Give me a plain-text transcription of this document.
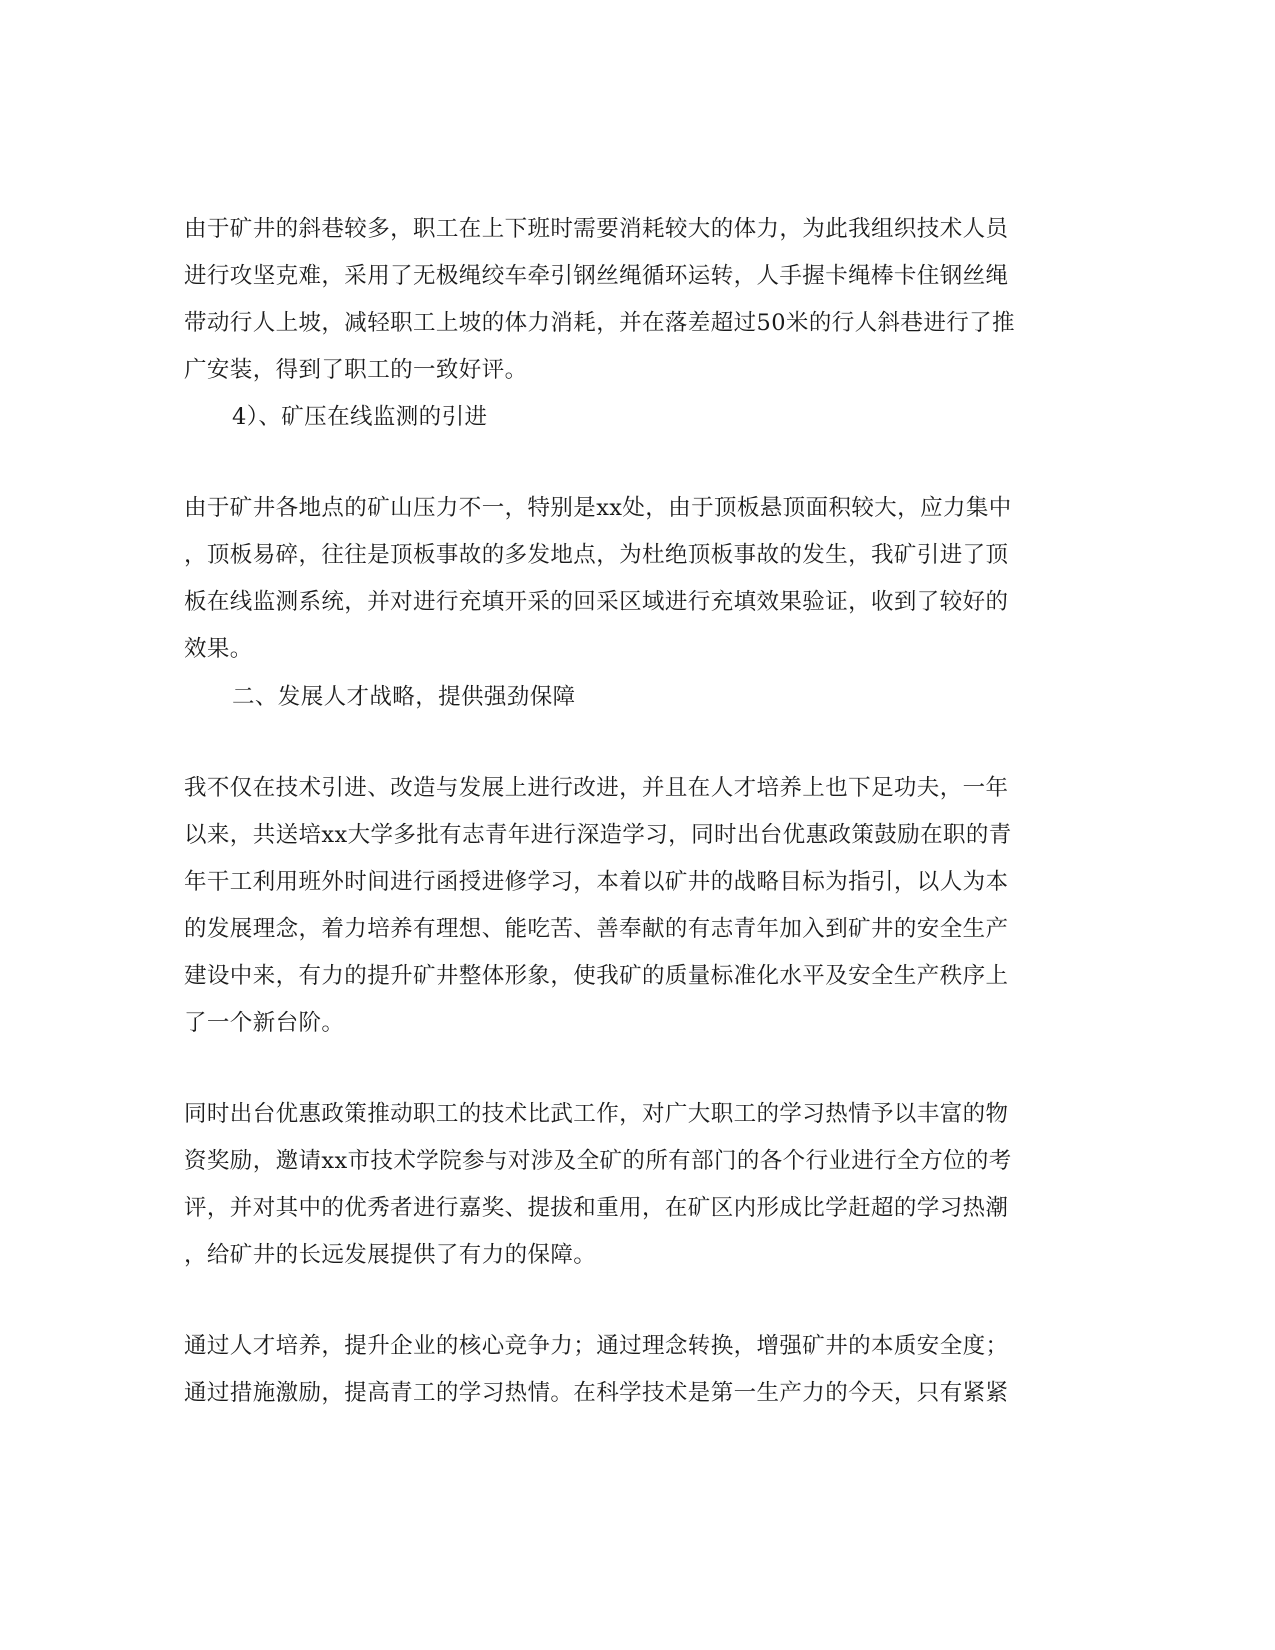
由于矿井的斜巷较多，职工在上下班时需要消耗较大的体力，为此我组织技术人员
进行攻坚克难，采用了无极绳绞车牵引钢丝绳循环运转，人手握卡绳棒卡住钢丝绳
带动行人上坡，减轻职工上坡的体力消耗，并在落差超过50米的行人斜巷进行了推
广安装，得到了职工的一致好评。
4）、矿压在线监测的引进
由于矿井各地点的矿山压力不一，特别是xx处，由于顶板悬顶面积较大，应力集中
，顶板易碎，往往是顶板事故的多发地点，为杜绝顶板事故的发生，我矿引进了顶
板在线监测系统，并对进行充填开采的回采区域进行充填效果验证，收到了较好的
效果。
二、发展人才战略，提供强劲保障
我不仅在技术引进、改造与发展上进行改进，并且在人才培养上也下足功夫，一年
以来，共送培xx大学多批有志青年进行深造学习，同时出台优惠政策鼓励在职的青
年干工利用班外时间进行函授进修学习，本着以矿井的战略目标为指引，以人为本
的发展理念，着力培养有理想、能吃苦、善奉献的有志青年加入到矿井的安全生产
建设中来，有力的提升矿井整体形象，使我矿的质量标准化水平及安全生产秩序上
了一个新台阶。
同时出台优惠政策推动职工的技术比武工作，对广大职工的学习热情予以丰富的物
资奖励，邀请xx市技术学院参与对涉及全矿的所有部门的各个行业进行全方位的考
评，并对其中的优秀者进行嘉奖、提拔和重用，在矿区内形成比学赶超的学习热潮
，给矿井的长远发展提供了有力的保障。
通过人才培养，提升企业的核心竞争力；通过理念转换，增强矿井的本质安全度；
通过措施激励，提高青工的学习热情。在科学技术是第一生产力的今天，只有紧紧
